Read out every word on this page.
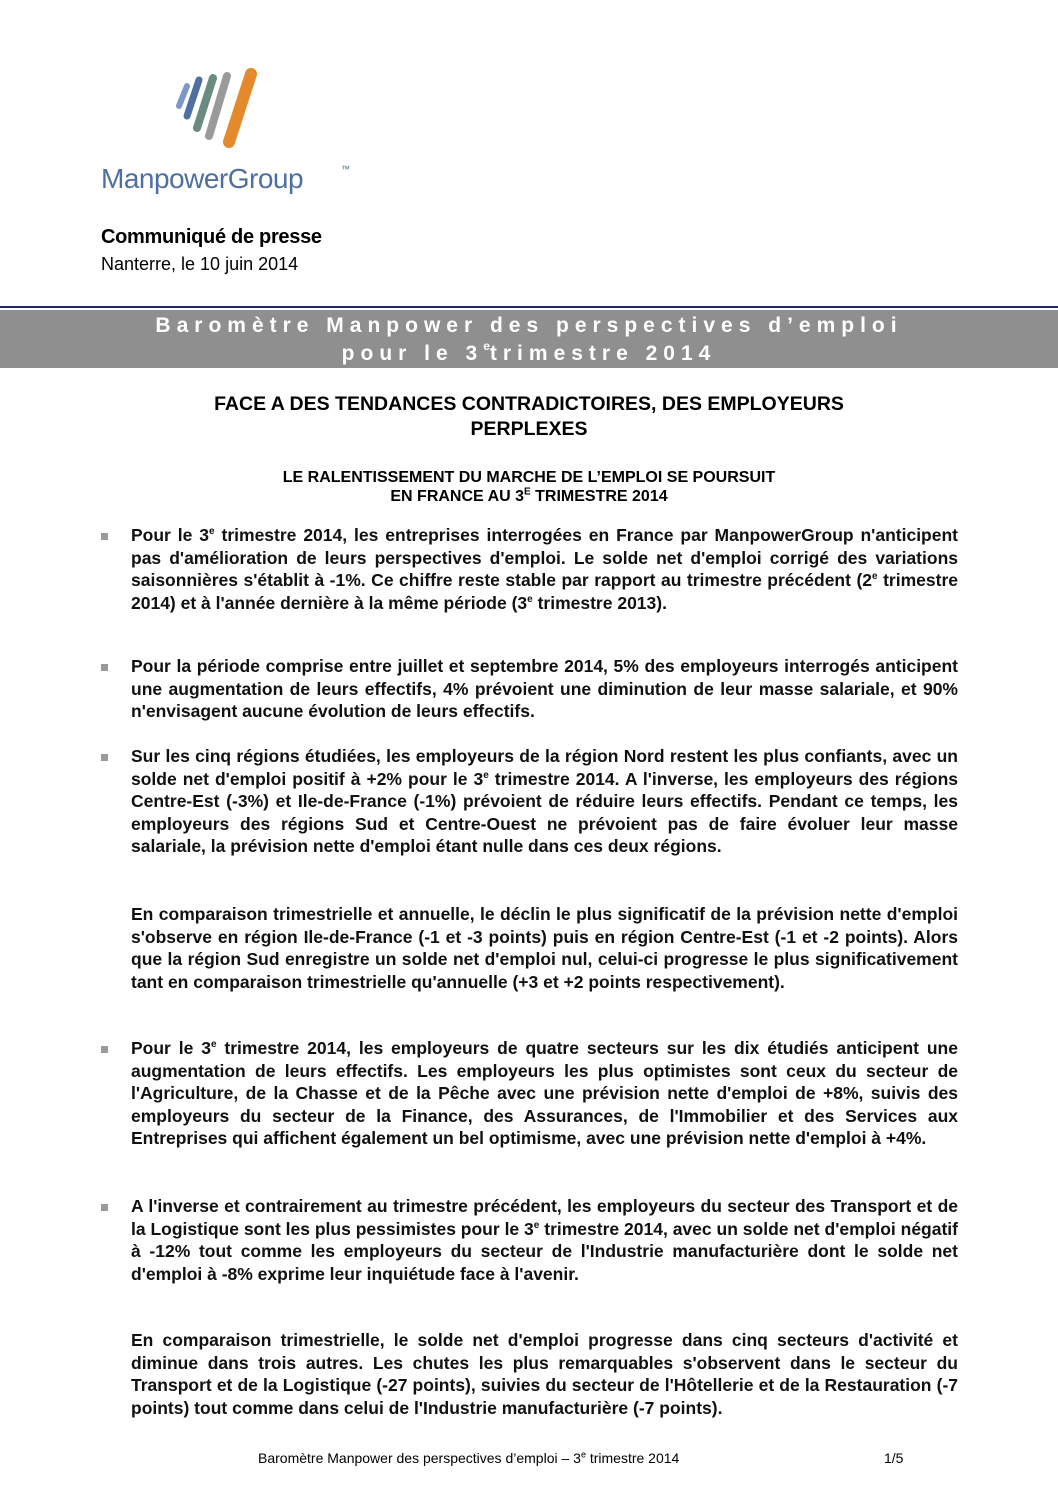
ManpowerGroup	™
Communiqué de presse
Nanterre, le 10 juin 2014
Baromètre Manpower des perspectives d’emploi
pour le 3etrimestre 2014
FACE A DES TENDANCES CONTRADICTOIRES, DES EMPLOYEURS
PERPLEXES
LE RALENTISSEMENT DU MARCHE DE L’EMPLOI SE POURSUIT
EN FRANCE AU $3^E$ TRIMESTRE 2014
Pour le 3e trimestre 2014, les entreprises interrogées en France par ManpowerGroup n'anticipent pas d'amélioration de leurs perspectives d'emploi. Le solde net d'emploi corrigé des variations saisonnières s'établit à -1%. Ce chiffre reste stable par rapport au trimestre précédent (2e trimestre 2014) et à l'année dernière à la même période (3e trimestre 2013).
Pour la période comprise entre juillet et septembre 2014, 5% des employeurs interrogés anticipent une augmentation de leurs effectifs, 4% prévoient une diminution de leur masse salariale, et 90% n'envisagent aucune évolution de leurs effectifs.
Sur les cinq régions étudiées, les employeurs de la région Nord restent les plus confiants, avec un solde net d'emploi positif à +2% pour le 3e trimestre 2014. A l'inverse, les employeurs des régions Centre-Est (-3%) et Ile-de-France (-1%) prévoient de réduire leurs effectifs. Pendant ce temps, les employeurs des régions Sud et Centre-Ouest ne prévoient pas de faire évoluer leur masse salariale, la prévision nette d'emploi étant nulle dans ces deux régions.
En comparaison trimestrielle et annuelle, le déclin le plus significatif de la prévision nette d'emploi s'observe en région Ile-de-France (-1 et -3 points) puis en région Centre-Est (-1 et -2 points). Alors que la région Sud enregistre un solde net d'emploi nul, celui-ci progresse le plus significativement tant en comparaison trimestrielle qu'annuelle (+3 et +2 points respectivement).
Pour le 3e trimestre 2014, les employeurs de quatre secteurs sur les dix étudiés anticipent une augmentation de leurs effectifs. Les employeurs les plus optimistes sont ceux du secteur de l'Agriculture, de la Chasse et de la Pêche avec une prévision nette d'emploi de +8%, suivis des employeurs du secteur de la Finance, des Assurances, de l'Immobilier et des Services aux Entreprises qui affichent également un bel optimisme, avec une prévision nette d'emploi à +4%.
A l'inverse et contrairement au trimestre précédent, les employeurs du secteur des Transport et de la Logistique sont les plus pessimistes pour le 3e trimestre 2014, avec un solde net d'emploi négatif à -12% tout comme les employeurs du secteur de l'Industrie manufacturière dont le solde net d'emploi à -8% exprime leur inquiétude face à l'avenir.
En comparaison trimestrielle, le solde net d'emploi progresse dans cinq secteurs d'activité et diminue dans trois autres. Les chutes les plus remarquables s'observent dans le secteur du Transport et de la Logistique (-27 points), suivies du secteur de l'Hôtellerie et de la Restauration (-7 points) tout comme dans celui de l'Industrie manufacturière (-7 points).
Baromètre Manpower des perspectives d’emploi – 3e trimestre 2014	1/5
